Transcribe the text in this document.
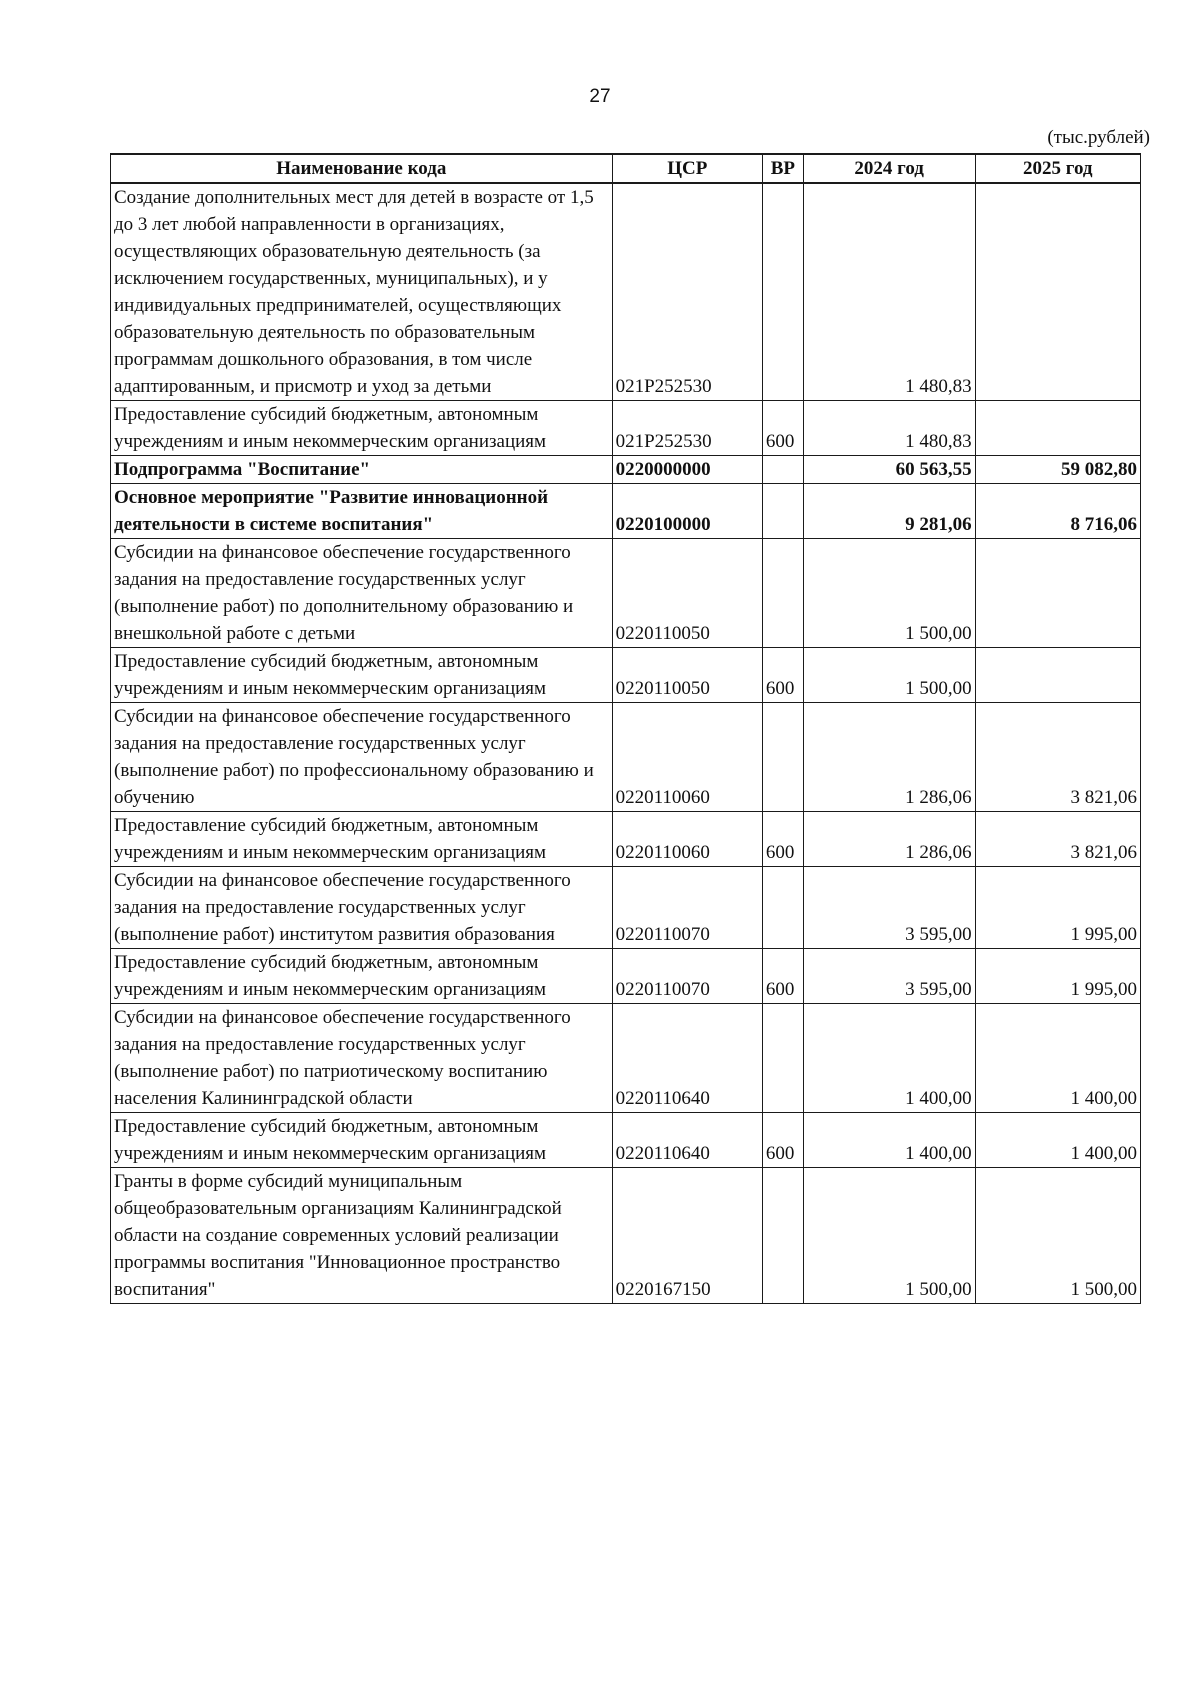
27
(тыс.рублей)
Наименование кода	ЦСР	ВР	2024 год	2025 год
Создание дополнительных мест для детей в возрасте от 1,5 до 3 лет любой направленности в организациях, осуществляющих образовательную деятельность (за исключением государственных, муниципальных), и у индивидуальных предпринимателей, осуществляющих образовательную деятельность по образовательным программам дошкольного образования, в том числе адаптированным, и присмотр и уход за детьми	021P252530		1 480,83	
Предоставление субсидий бюджетным, автономным учреждениям и иным некоммерческим организациям	021P252530	600	1 480,83	
Подпрограмма "Воспитание"	0220000000		60 563,55	59 082,80
Основное мероприятие "Развитие инновационной деятельности в системе воспитания"	0220100000		9 281,06	8 716,06
Субсидии на финансовое обеспечение государственного задания на предоставление государственных услуг (выполнение работ) по дополнительному образованию и внешкольной работе с детьми	0220110050		1 500,00	
Предоставление субсидий бюджетным, автономным учреждениям и иным некоммерческим организациям	0220110050	600	1 500,00	
Субсидии на финансовое обеспечение государственного задания на предоставление государственных услуг (выполнение работ) по профессиональному образованию и обучению	0220110060		1 286,06	3 821,06
Предоставление субсидий бюджетным, автономным учреждениям и иным некоммерческим организациям	0220110060	600	1 286,06	3 821,06
Субсидии на финансовое обеспечение государственного задания на предоставление государственных услуг (выполнение работ) институтом развития образования	0220110070		3 595,00	1 995,00
Предоставление субсидий бюджетным, автономным учреждениям и иным некоммерческим организациям	0220110070	600	3 595,00	1 995,00
Субсидии на финансовое обеспечение государственного задания на предоставление государственных услуг (выполнение работ) по патриотическому воспитанию населения Калининградской области	0220110640		1 400,00	1 400,00
Предоставление субсидий бюджетным, автономным учреждениям и иным некоммерческим организациям	0220110640	600	1 400,00	1 400,00
Гранты в форме субсидий муниципальным общеобразовательным организациям Калининградской области на создание современных условий реализации программы воспитания "Инновационное пространство воспитания"	0220167150		1 500,00	1 500,00
